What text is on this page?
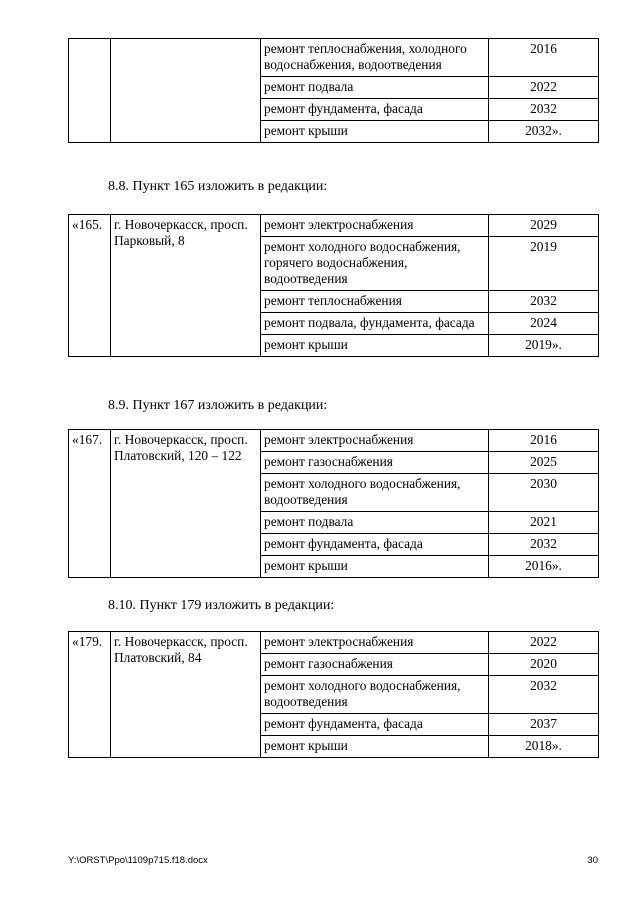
		ремонт теплоснабжения, холодного водоснабжения, водоотведения	2016
		ремонт подвала	2022
		ремонт фундамента, фасада	2032
		ремонт крыши	2032».

8.8. Пункт 165 изложить в редакции:

«165.	г. Новочеркасск, просп. Парковый, 8	ремонт электроснабжения	2029
		ремонт холодного водоснабжения, горячего водоснабжения, водоотведения	2019
		ремонт теплоснабжения	2032
		ремонт подвала, фундамента, фасада	2024
		ремонт крыши	2019».

8.9. Пункт 167 изложить в редакции:

«167.	г. Новочеркасск, просп. Платовский, 120 – 122	ремонт электроснабжения	2016
		ремонт газоснабжения	2025
		ремонт холодного водоснабжения, водоотведения	2030
		ремонт подвала	2021
		ремонт фундамента, фасада	2032
		ремонт крыши	2016».

8.10. Пункт 179 изложить в редакции:

«179.	г. Новочеркасск, просп. Платовский, 84	ремонт электроснабжения	2022
		ремонт газоснабжения	2020
		ремонт холодного водоснабжения, водоотведения	2032
		ремонт фундамента, фасада	2037
		ремонт крыши	2018».
Y:\ORST\Ppo\1109p715.f18.docx	30
